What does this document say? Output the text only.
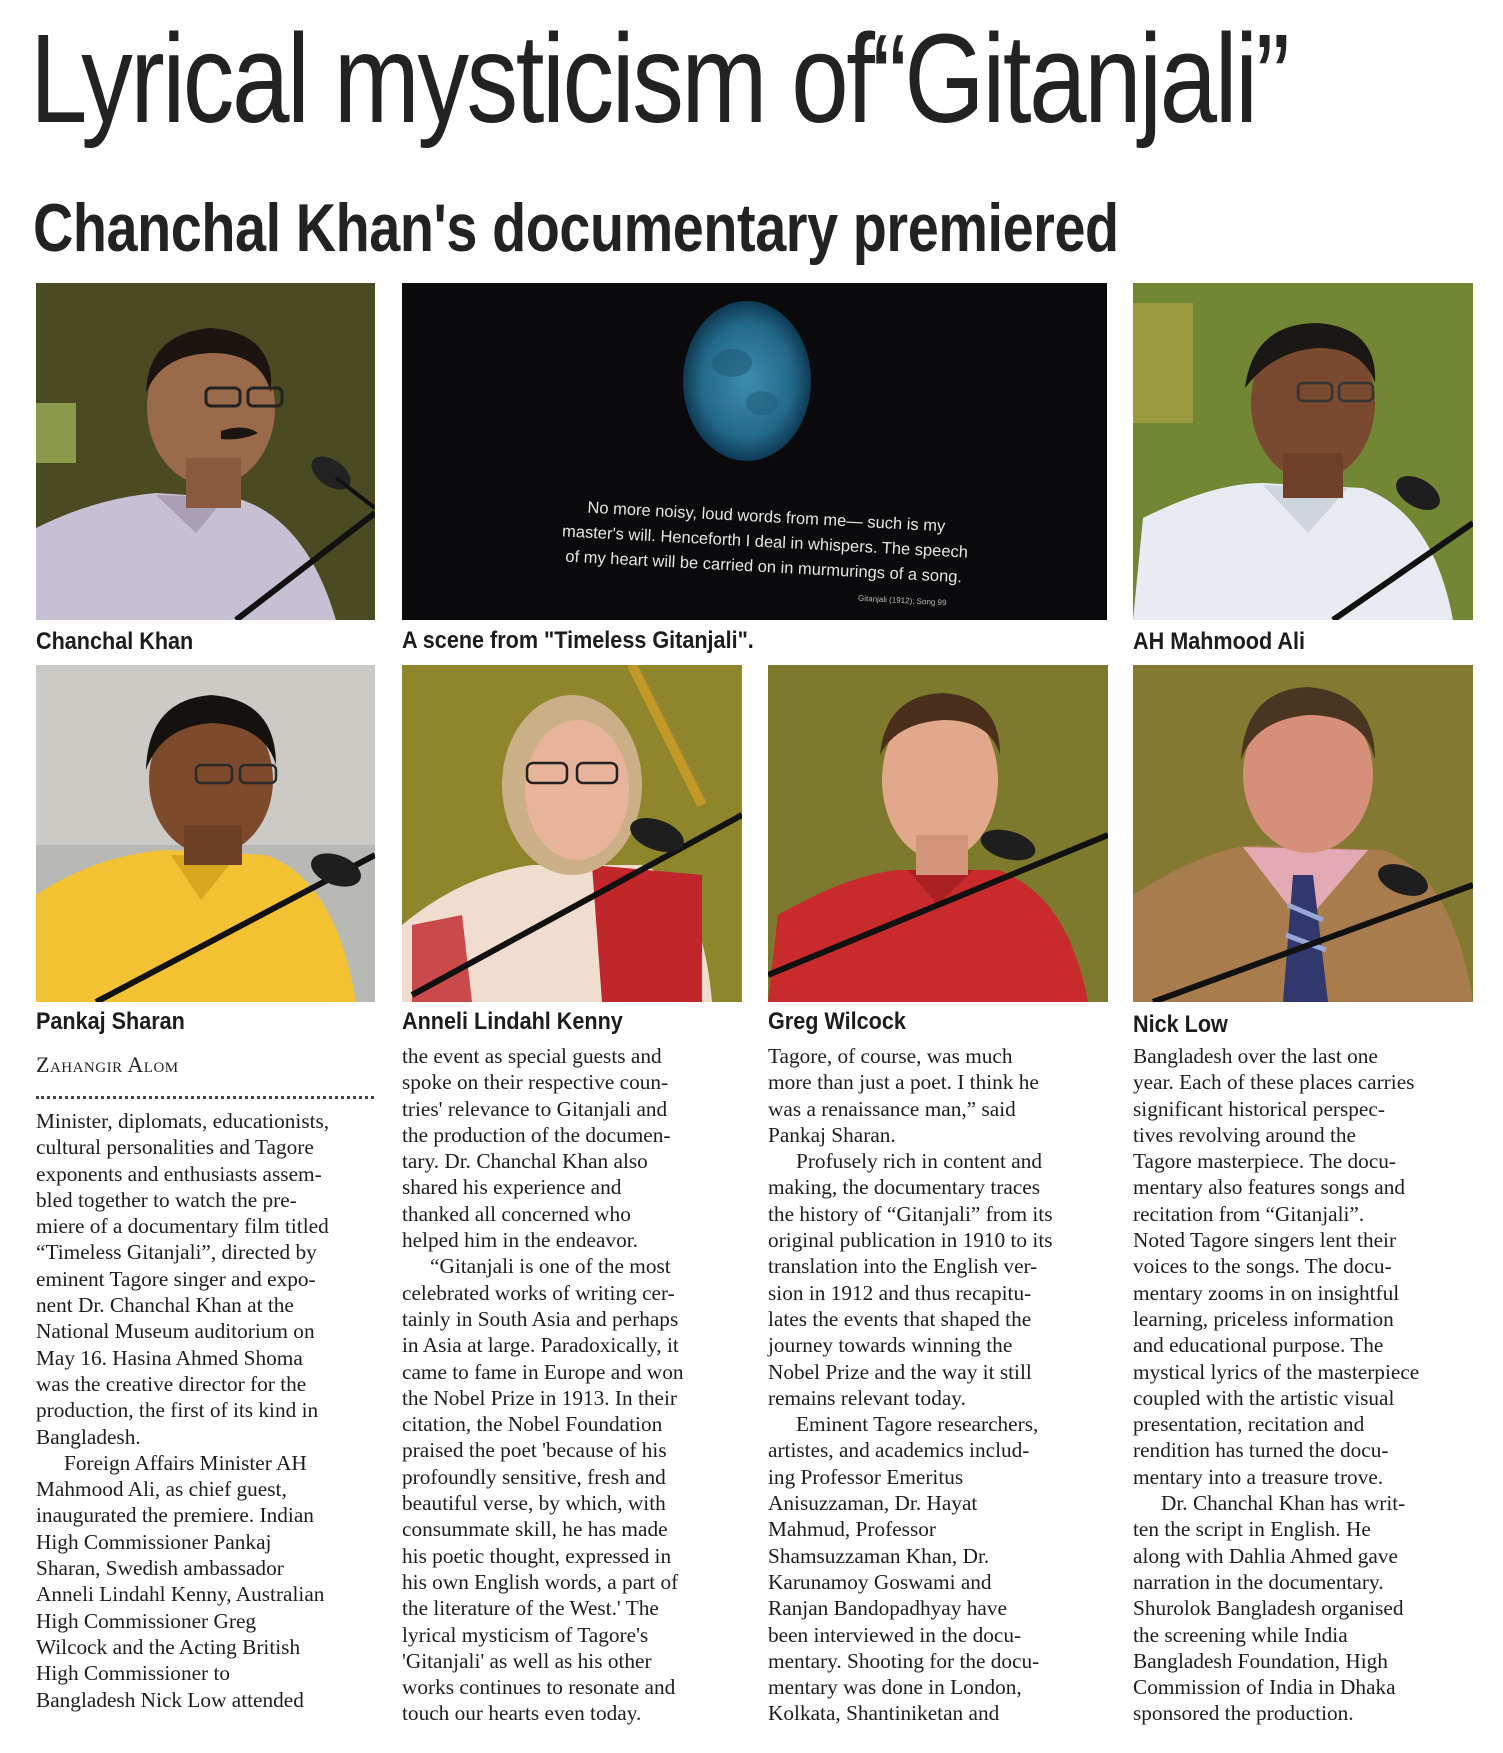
Lyrical mysticism of“Gitanjali”
Chanchal Khan's documentary premiered
No more noisy, loud words from me— such is my master's will. Henceforth I deal in whispers. The speech of my heart will be carried on in murmurings of a song.
Gitanjali (1912); Song 99
Chanchal Khan	A scene from "Timeless Gitanjali".	AH Mahmood Ali
Pankaj Sharan	Anneli Lindahl Kenny	Greg Wilcock	Nick Low
Zahangir Alom
Minister, diplomats, educationists,
cultural personalities and Tagore
exponents and enthusiasts assem-
bled together to watch the pre-
miere of a documentary film titled
“Timeless Gitanjali”, directed by
eminent Tagore singer and expo-
nent Dr. Chanchal Khan at the
National Museum auditorium on
May 16. Hasina Ahmed Shoma
was the creative director for the
production, the first of its kind in
Bangladesh.
Foreign Affairs Minister AH
Mahmood Ali, as chief guest,
inaugurated the premiere. Indian
High Commissioner Pankaj
Sharan, Swedish ambassador
Anneli Lindahl Kenny, Australian
High Commissioner Greg
Wilcock and the Acting British
High Commissioner to
Bangladesh Nick Low attended
the event as special guests and
spoke on their respective coun-
tries' relevance to Gitanjali and
the production of the documen-
tary. Dr. Chanchal Khan also
shared his experience and
thanked all concerned who
helped him in the endeavor.
“Gitanjali is one of the most
celebrated works of writing cer-
tainly in South Asia and perhaps
in Asia at large. Paradoxically, it
came to fame in Europe and won
the Nobel Prize in 1913. In their
citation, the Nobel Foundation
praised the poet 'because of his
profoundly sensitive, fresh and
beautiful verse, by which, with
consummate skill, he has made
his poetic thought, expressed in
his own English words, a part of
the literature of the West.' The
lyrical mysticism of Tagore's
'Gitanjali' as well as his other
works continues to resonate and
touch our hearts even today.
Tagore, of course, was much
more than just a poet. I think he
was a renaissance man,” said
Pankaj Sharan.
Profusely rich in content and
making, the documentary traces
the history of “Gitanjali” from its
original publication in 1910 to its
translation into the English ver-
sion in 1912 and thus recapitu-
lates the events that shaped the
journey towards winning the
Nobel Prize and the way it still
remains relevant today.
Eminent Tagore researchers,
artistes, and academics includ-
ing Professor Emeritus
Anisuzzaman, Dr. Hayat
Mahmud, Professor
Shamsuzzaman Khan, Dr.
Karunamoy Goswami and
Ranjan Bandopadhyay have
been interviewed in the docu-
mentary. Shooting for the docu-
mentary was done in London,
Kolkata, Shantiniketan and
Bangladesh over the last one
year. Each of these places carries
significant historical perspec-
tives revolving around the
Tagore masterpiece. The docu-
mentary also features songs and
recitation from “Gitanjali”.
Noted Tagore singers lent their
voices to the songs. The docu-
mentary zooms in on insightful
learning, priceless information
and educational purpose. The
mystical lyrics of the masterpiece
coupled with the artistic visual
presentation, recitation and
rendition has turned the docu-
mentary into a treasure trove.
Dr. Chanchal Khan has writ-
ten the script in English. He
along with Dahlia Ahmed gave
narration in the documentary.
Shurolok Bangladesh organised
the screening while India
Bangladesh Foundation, High
Commission of India in Dhaka
sponsored the production.
